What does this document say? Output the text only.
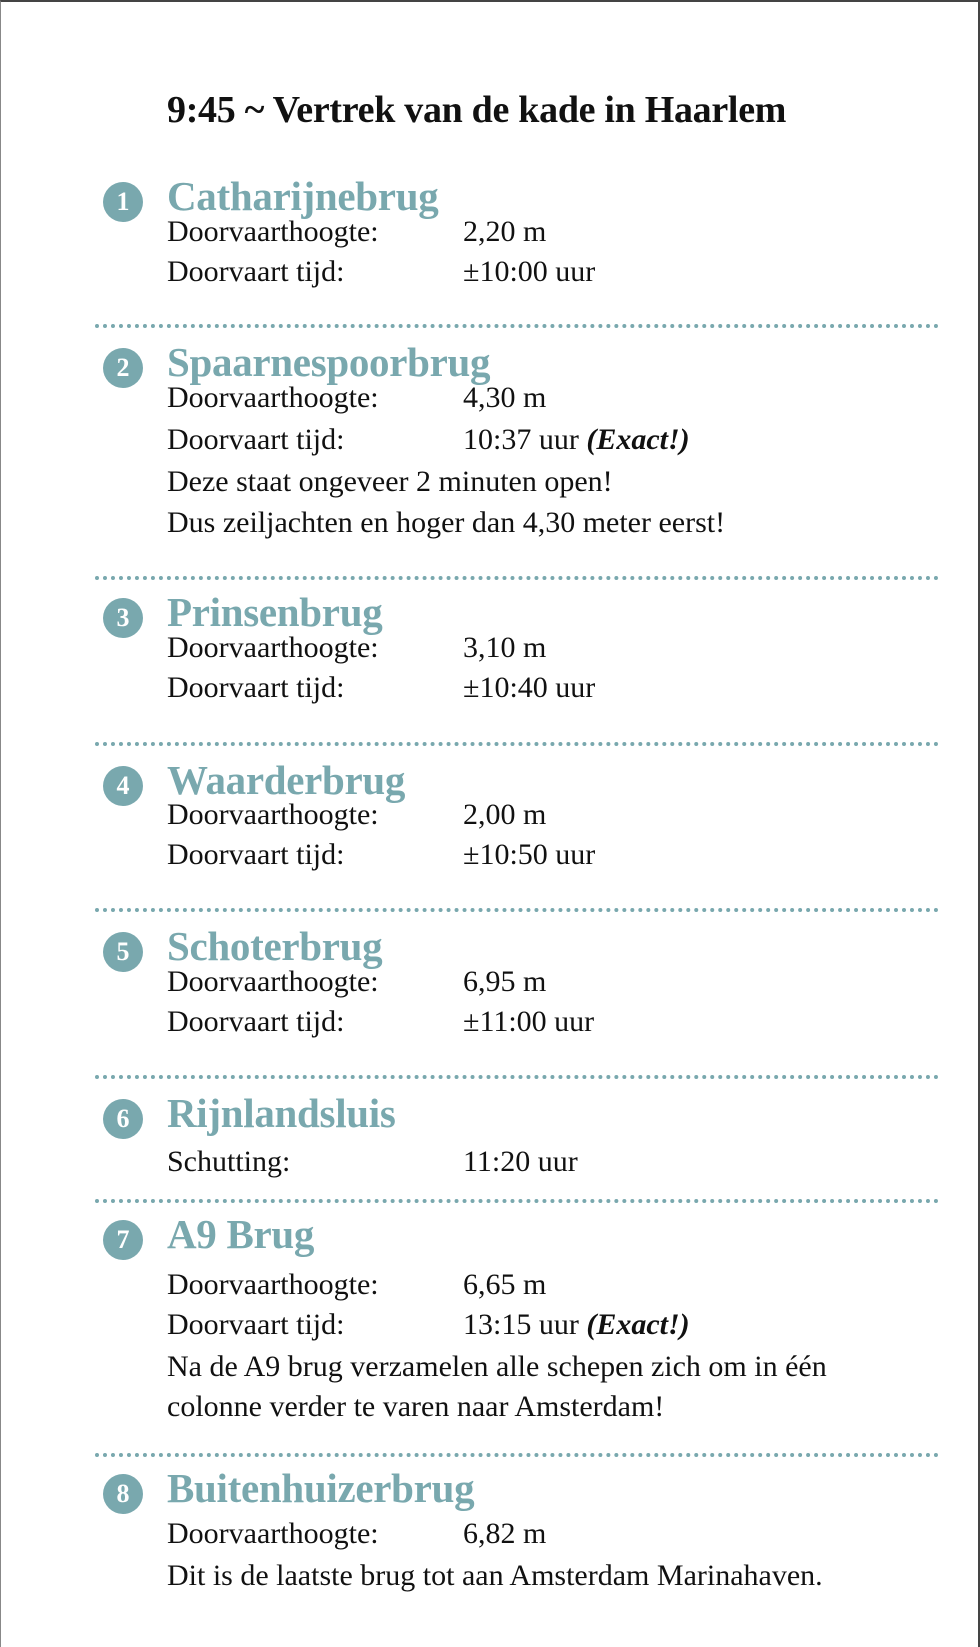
9:45 ~ Vertrek van de kade in Haarlem
1 Catharijnebrug
Doorvaarthoogte:	2,20 m
Doorvaart tijd:	±10:00 uur
2 Spaarnespoorbrug
Doorvaarthoogte:	4,30 m
Doorvaart tijd:	10:37 uur (Exact!)
Deze staat ongeveer 2 minuten open!
Dus zeiljachten en hoger dan 4,30 meter eerst!
3 Prinsenbrug
Doorvaarthoogte:	3,10 m
Doorvaart tijd:	±10:40 uur
4 Waarderbrug
Doorvaarthoogte:	2,00 m
Doorvaart tijd:	±10:50 uur
5 Schoterbrug
Doorvaarthoogte:	6,95 m
Doorvaart tijd:	±11:00 uur
6 Rijnlandsluis
Schutting:	11:20 uur
7 A9 Brug
Doorvaarthoogte:	6,65 m
Doorvaart tijd:	13:15 uur (Exact!)
Na de A9 brug verzamelen alle schepen zich om in één
colonne verder te varen naar Amsterdam!
8 Buitenhuizerbrug
Doorvaarthoogte:	6,82 m
Dit is de laatste brug tot aan Amsterdam Marinahaven.
